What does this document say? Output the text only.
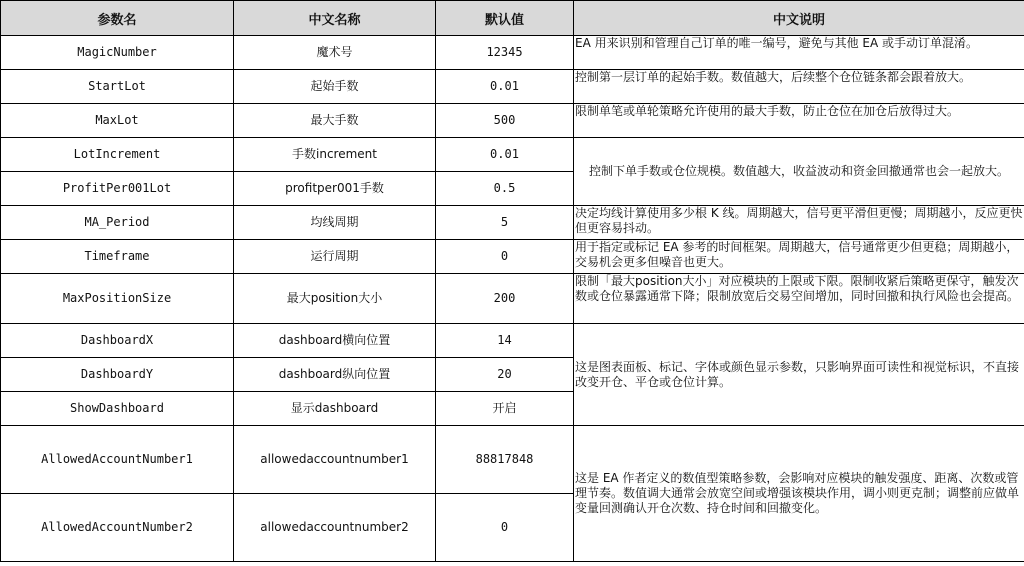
参数名	中文名称	默认值	中文说明
MagicNumber	魔术号	12345	EA 用来识别和管理自己订单的唯一编号，避免与其他 EA 或手动订单混淆。
StartLot	起始手数	0.01	控制第一层订单的起始手数。数值越大，后续整个仓位链条都会跟着放大。
MaxLot	最大手数	500	限制单笔或单轮策略允许使用的最大手数，防止仓位在加仓后放得过大。
LotIncrement	手数increment	0.01	控制下单手数或仓位规模。数值越大，收益波动和资金回撤通常也会一起放大。
ProfitPer001Lot	profitper001手数	0.5	
MA_Period	均线周期	5	决定均线计算使用多少根 K 线。周期越大，信号更平滑但更慢；周期越小，反应更快但更容易抖动。
Timeframe	运行周期	0	用于指定或标记 EA 参考的时间框架。周期越大，信号通常更少但更稳；周期越小，交易机会更多但噪音也更大。
MaxPositionSize	最大position大小	200	限制「最大position大小」对应模块的上限或下限。限制收紧后策略更保守，触发次数或仓位暴露通常下降；限制放宽后交易空间增加，同时回撤和执行风险也会提高。
DashboardX	dashboard横向位置	14	这是图表面板、标记、字体或颜色显示参数，只影响界面可读性和视觉标识，不直接改变开仓、平仓或仓位计算。
DashboardY	dashboard纵向位置	20	
ShowDashboard	显示dashboard	开启	
AllowedAccountNumber1	allowedaccountnumber1	88817848	这是 EA 作者定义的数值型策略参数，会影响对应模块的触发强度、距离、次数或管理节奏。数值调大通常会放宽空间或增强该模块作用，调小则更克制；调整前应做单变量回测确认开仓次数、持仓时间和回撤变化。
AllowedAccountNumber2	allowedaccountnumber2	0	
